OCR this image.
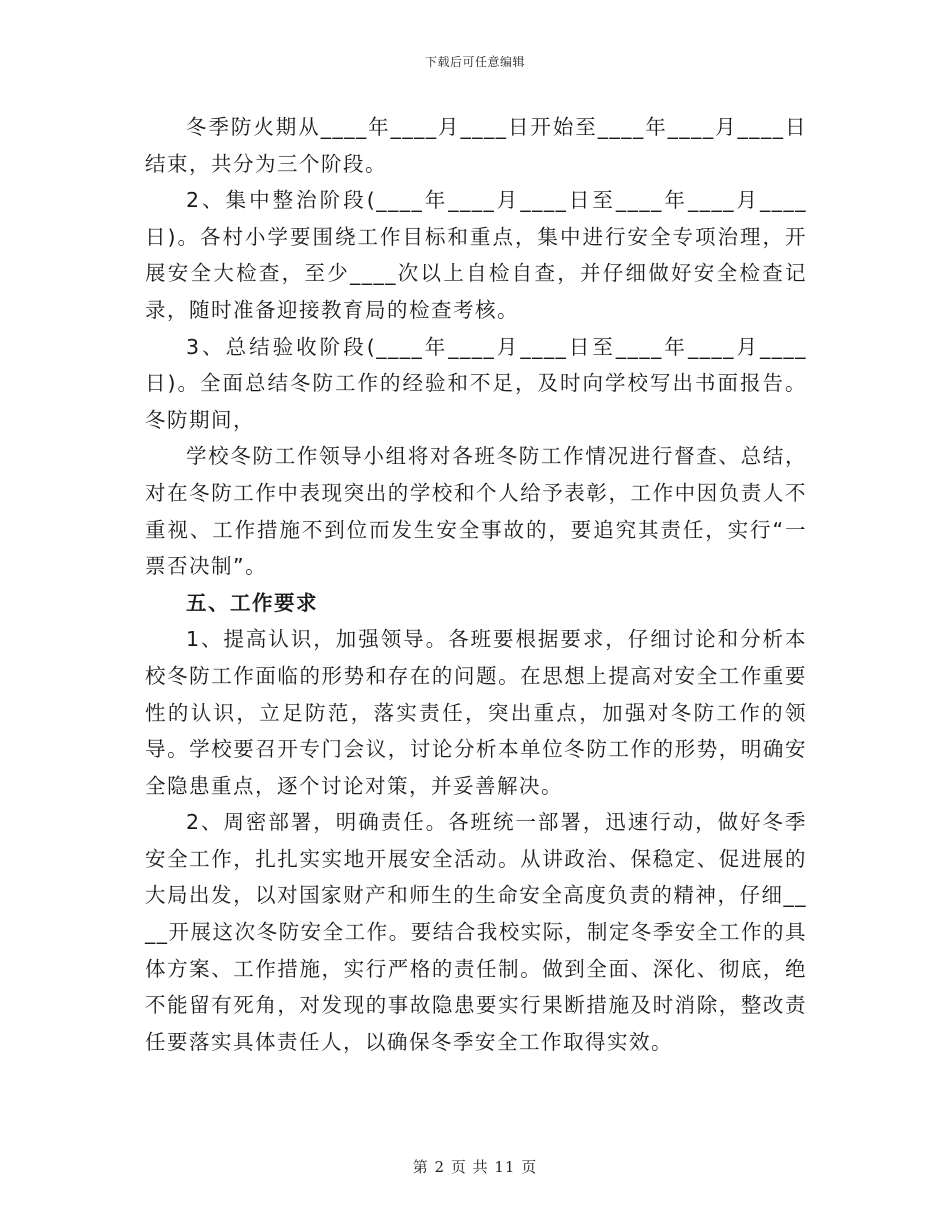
下载后可任意编辑

冬季防火期从____年____月____日开始至____年____月____日结束，共分为三个阶段。

2、集中整治阶段(____年____月____日至____年____月____日)。各村小学要围绕工作目标和重点，集中进行安全专项治理，开展安全大检查，至少____次以上自检自查，并仔细做好安全检查记录，随时准备迎接教育局的检查考核。

3、总结验收阶段(____年____月____日至____年____月____日)。全面总结冬防工作的经验和不足，及时向学校写出书面报告。冬防期间，

学校冬防工作领导小组将对各班冬防工作情况进行督查、总结，对在冬防工作中表现突出的学校和个人给予表彰，工作中因负责人不重视、工作措施不到位而发生安全事故的，要追究其责任，实行“一票否决制”。

五、工作要求

1、提高认识，加强领导。各班要根据要求，仔细讨论和分析本校冬防工作面临的形势和存在的问题。在思想上提高对安全工作重要性的认识，立足防范，落实责任，突出重点，加强对冬防工作的领导。学校要召开专门会议，讨论分析本单位冬防工作的形势，明确安全隐患重点，逐个讨论对策，并妥善解决。

2、周密部署，明确责任。各班统一部署，迅速行动，做好冬季安全工作，扎扎实实地开展安全活动。从讲政治、保稳定、促进展的大局出发，以对国家财产和师生的生命安全高度负责的精神，仔细____开展这次冬防安全工作。要结合我校实际，制定冬季安全工作的具体方案、工作措施，实行严格的责任制。做到全面、深化、彻底，绝不能留有死角，对发现的事故隐患要实行果断措施及时消除，整改责任要落实具体责任人，以确保冬季安全工作取得实效。

第 2 页 共 11 页
